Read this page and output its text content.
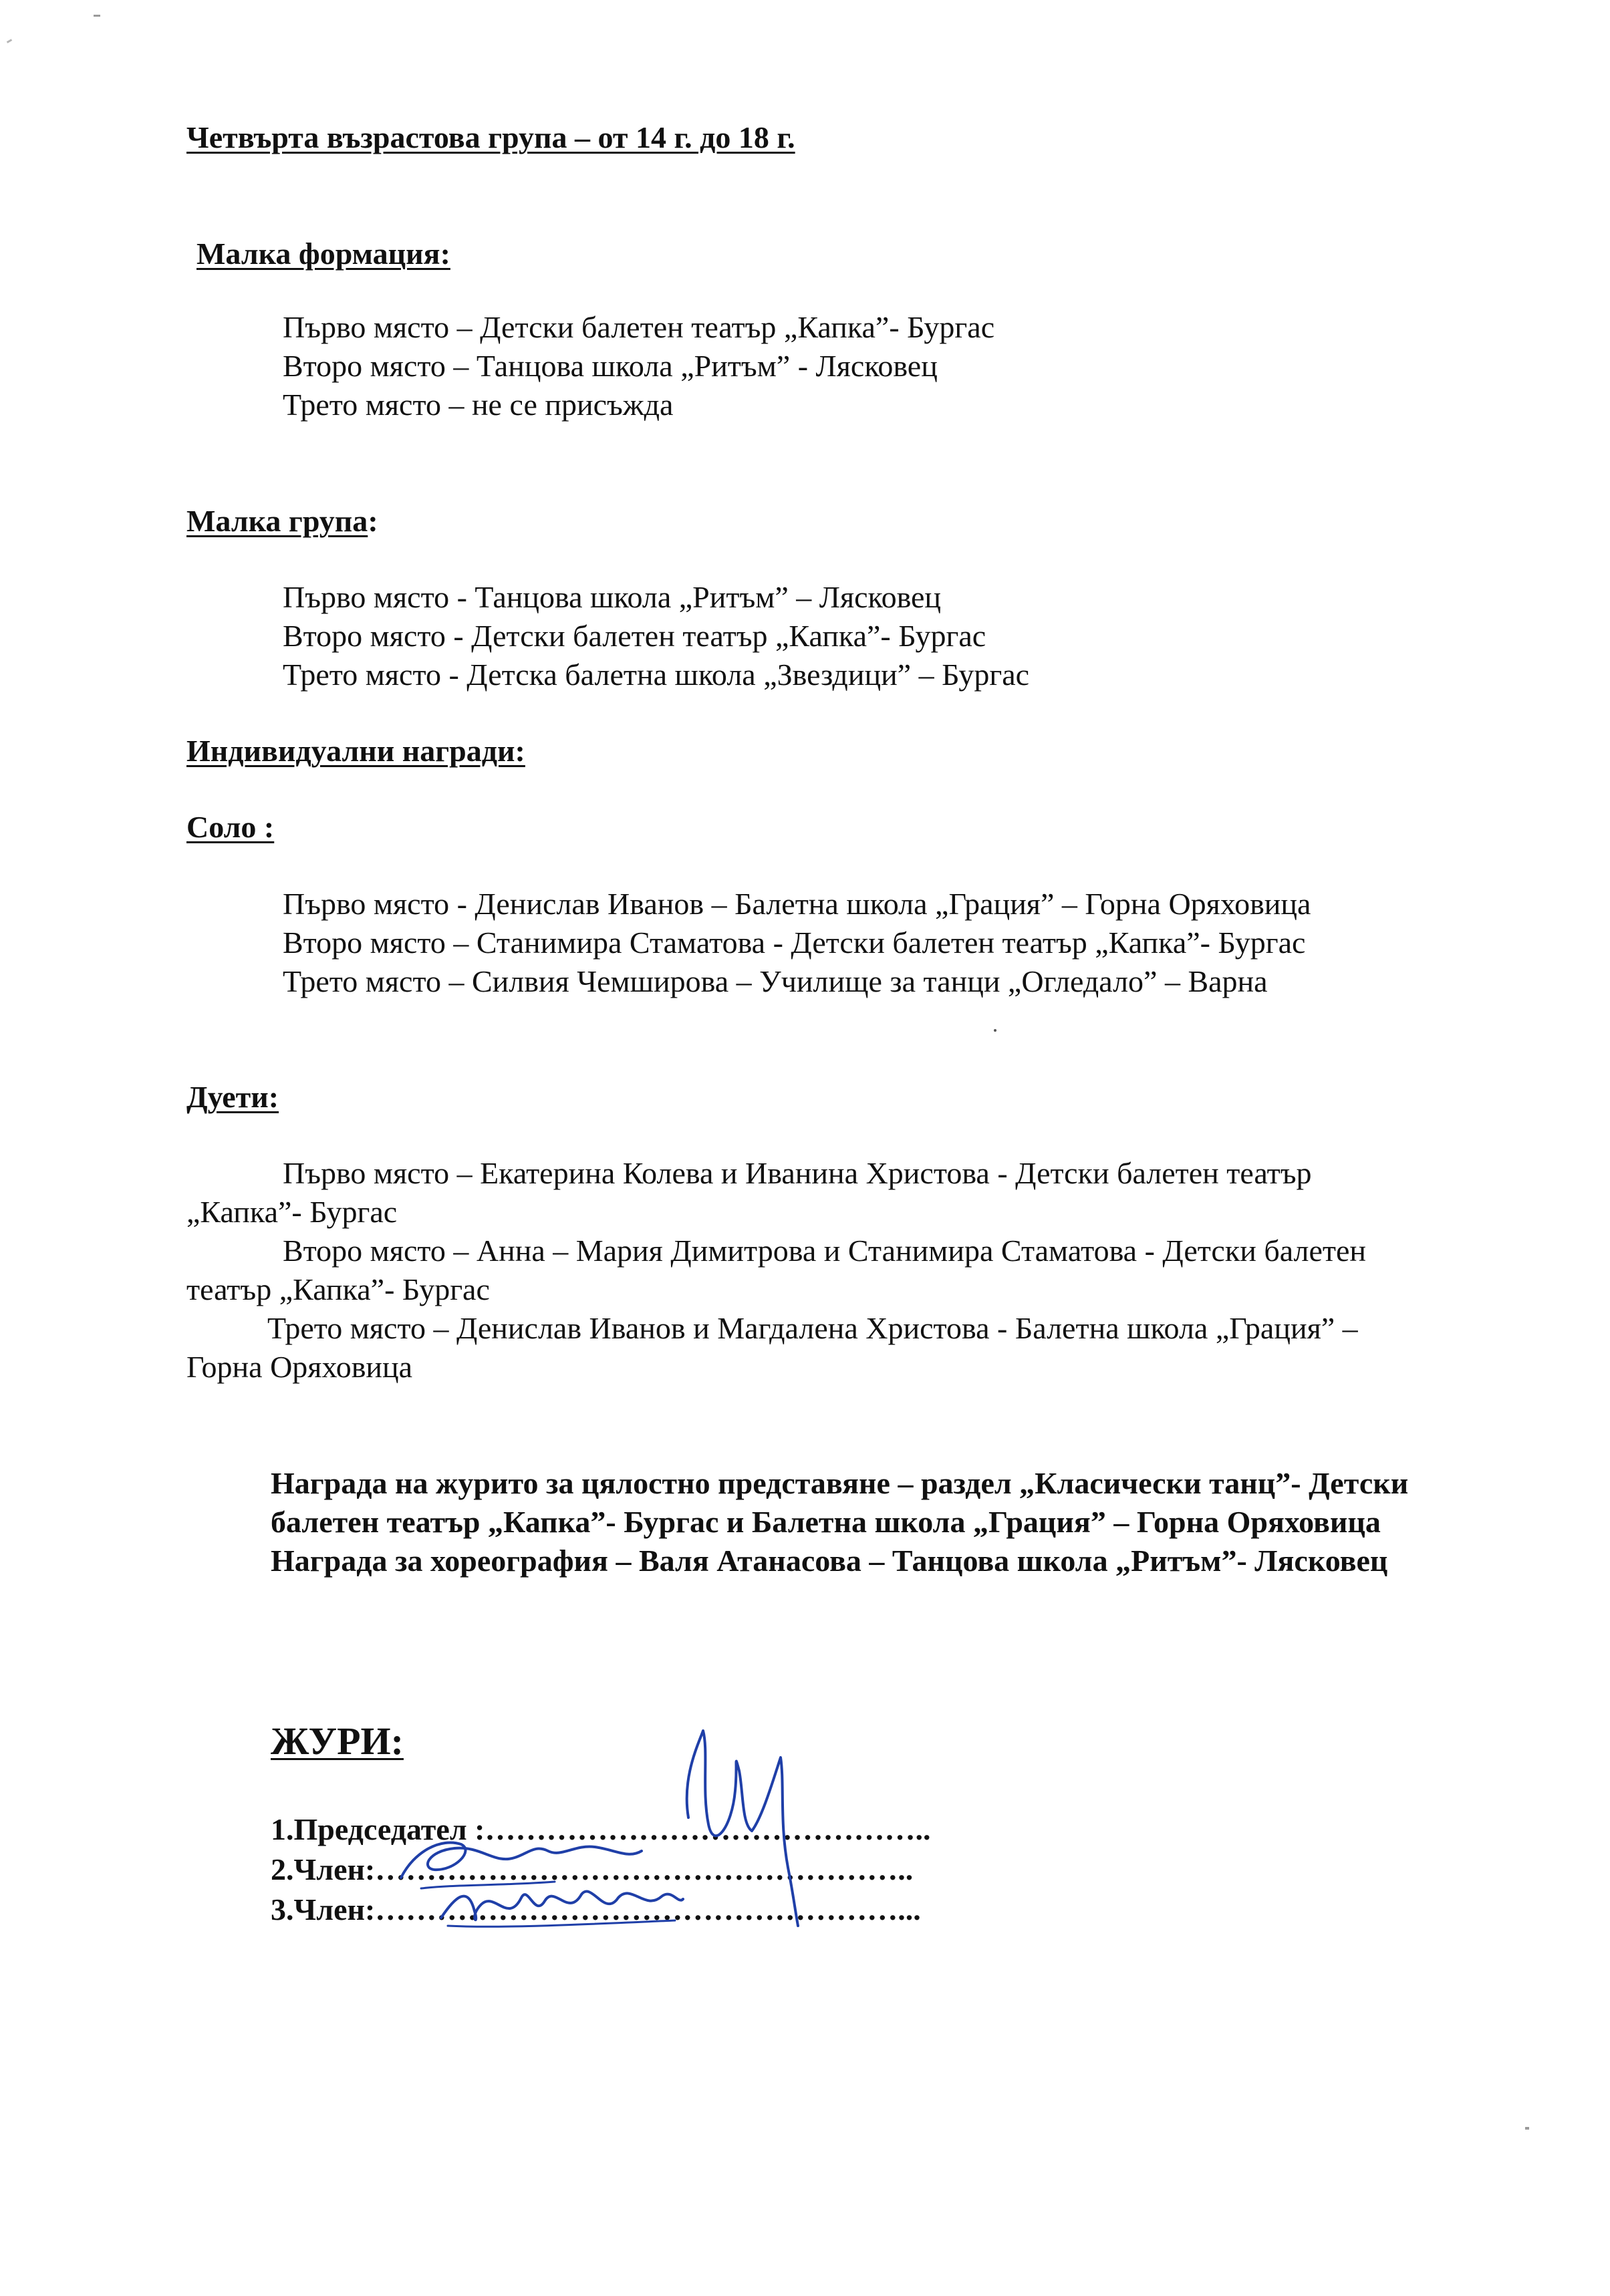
Четвърта възрастова група – от 14 г. до 18 г.
Малка формация:
Първо място – Детски балетен театър „Капка”- Бургас
Второ място – Танцова школа „Ритъм” - Лясковец
Трето място – не се присъжда
Малка група:
Първо място - Танцова школа „Ритъм” – Лясковец
Второ място - Детски балетен театър „Капка”- Бургас
Трето място - Детска балетна школа „Звездици” – Бургас
Индивидуални награди:
Соло :
Първо място - Денислав Иванов – Балетна школа „Грация” – Горна Оряховица
Второ място – Станимира Стаматова - Детски балетен театър „Капка”- Бургас
Трето място – Силвия Чемширова – Училище за танци „Огледало” – Варна
Дуети:
Първо място – Екатерина Колева и Иванина Христова - Детски балетен театър
„Капка”- Бургас
Второ място – Анна – Мария Димитрова и Станимира Стаматова - Детски балетен
театър „Капка”- Бургас
Трето място – Денислав Иванов и Магдалена Христова - Балетна школа „Грация” –
Горна Оряховица
Награда на журито за цялостно представяне – раздел „Класически танц”- Детски
балетен театър „Капка”- Бургас и Балетна школа „Грация” – Горна Оряховица
Награда за хореография – Валя Атанасова – Танцова школа „Ритъм”- Лясковец
ЖУРИ:
1.Председател :……………………………………..
2.Член:……………………………………………..
3.Член:……………………………………………...
